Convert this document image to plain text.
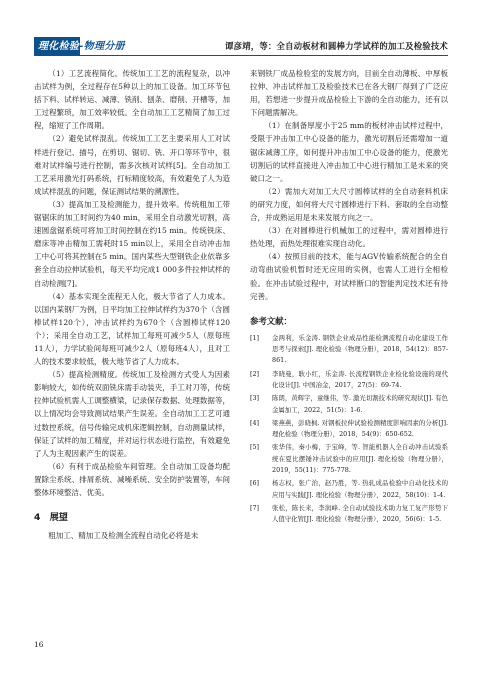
理化检验-物理分册	谭彦靖，等：全自动板材和圆棒力学试样的加工及检验技术

（1）工艺流程简化。传统加工工艺的流程复杂，以冲击试样为例，全过程存在5种以上的加工设备。加工环节包括下料、试样转运、减薄、铣削、刨条、磨削、开槽等，加工过程繁琐，加工效率较低。全自动加工工艺精简了加工过程，缩短了工作周期。

（2）避免试样混乱。传统加工工艺主要采用人工对试样进行登记、描号，在剪切、锯切、铣、开口等环节中，很难对试样编号进行控制，需多次核对试样[5]。全自动加工工艺采用激光打码系统，打标精度较高，有效避免了人为造成试样混乱的问题，保证测试结果的溯源性。

（3）提高加工及检测能力，提升效率。传统粗加工带锯锯床的加工时间约为40 min，采用全自动激光切割，高速圆盘锯系统可将加工时间控制在约15 min。传统铣床、磨床等冲击精加工需耗时15 min以上，采用全自动冲击加工中心可将其控制在5 min。国内某些大型钢铁企业依靠多套全自动拉伸试验机，每天平均完成1 000多件拉伸试样的自动检测[7]。

（4）基本实现全流程无人化，极大节省了人力成本。以国内某钢厂为例，日平均加工拉伸试样约为370个（含圆棒试样120个），冲击试样约为670个（含圆棒试样120个）；采用全自动工艺，试样加工每班可减少5人（原每班11人），力学试验间每班可减少2人（原每班4人），且对工人的技术要求较低，极大地节省了人力成本。

（5）提高检测精度。传统加工及检测方式受人为因素影响较大，如传统双面铣床需手动装夹，手工对刀等，传统拉伸试验机需人工调整横梁，记录保存数据、处理数据等，以上情况均会导致测试结果产生误差。全自动加工工艺可通过数控系统，信号传输完成机床逻辑控制，自动测量试样，保证了试样的加工精度，并对运行状态进行监控，有效避免了人为主观因素产生的误差。

（6）有利于成品检验车间管理。全自动加工设备均配置除尘系统、排屑系统、减噪系统、安全防护装置等，车间整体环境整洁、优美。

4　展望

粗加工、精加工及检测全流程自动化必将是未

来钢铁厂成品检验室的发展方向，目前全自动薄板、中厚板拉伸、冲击试样加工及检验技术已在各大钢厂得到了广泛应用，若想进一步提升成品检验上下游的全自动能力，还有以下问题需解决。

（1）在制备厚度小于25 mm的板材冲击试样过程中，受限于冲击加工中心设备的能力，激光切割后还需增加一道锯床减薄工序，如何提升冲击加工中心设备的能力，使激光切割后的试样直接进入冲击加工中心进行精加工是未来的突破口之一。

（2）需加大对加工大尺寸圆棒试样的全自动套料机床的研究力度，如何将大尺寸圆棒进行下料、套取的全自动整合，并成熟运用是未来发展方向之一。

（3）在对圆棒进行机械加工的过程中，需对圆棒进行热处理，而热处理很难实现自动化。

（4）按照目前的技术，能与AGV传输系统配合的全自动弯曲试验机暂时还无应用的实例，也需人工进行全相检验。在冲击试验过程中，对试样断口的智能判定技术还有待完善。

参考文献：
[1]	金两利，乐金涛. 钢铁企业成品性能检测流程自动化建设工作思考与探索[J]. 理化检验（物理分册），2018，54(12)：857-861.
[2]	李晓曼，耿小红，乐金涛. 长流程钢铁企业检化验设施的现代化设计[J]. 中国冶金，2017，27(5)：69-74.
[3]	陈朗，黄辉宇，童继伟，等. 激光切割技术的研究现状[J]. 有色金属加工，2022，51(5)：1-6.
[4]	梁燕燕，彭晓枫. 对钢板拉伸试验检测精度影响因素的分析[J]. 理化检验（物理分册），2018，54(9)：650-652.
[5]	张华伟，秦小梅，于宝峰，等. 智能机器人全自动冲击试验系统在夏比摆锤冲击试验中的应用[J]. 理化检验（物理分册），2019，55(11)：775-778.
[6]	杨志权，张广治，赵乃胜，等. 热轧成品检验中自动化技术的应用与实践[J]. 理化检验（物理分册），2022，58(10)：1-4.
[7]	张松，陈长来，李润峰. 全自动试验技术助力复工复产形势下人值守化管[J]. 理化检验（物理分册），2020，56(6)：1-5.
16
